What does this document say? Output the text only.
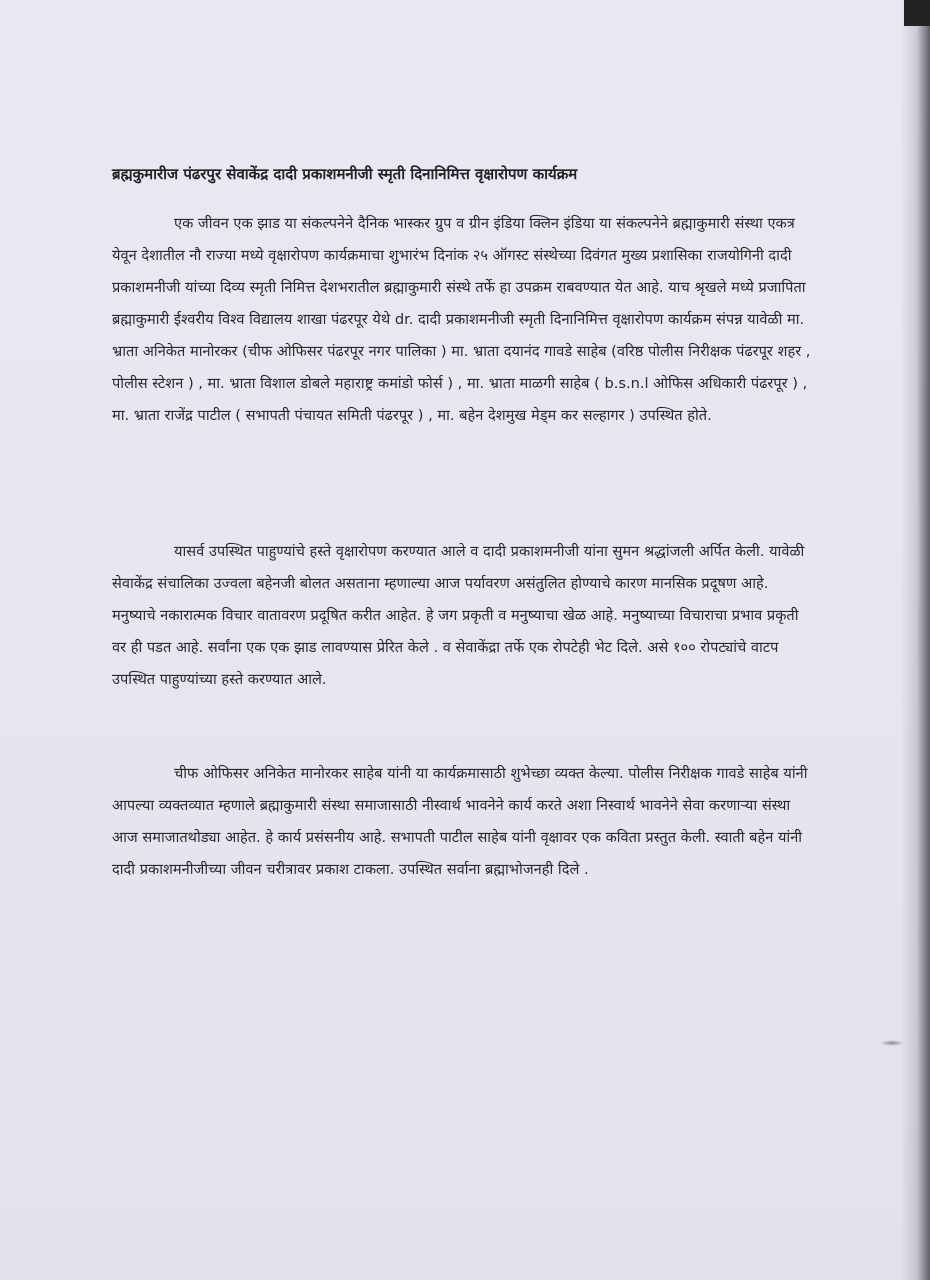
ब्रह्मकुमारीज पंढरपुर सेवाकेंद्र दादी प्रकाशमनीजी स्मृती दिनानिमित्त वृक्षारोपण कार्यक्रम

एक जीवन एक झाड या संकल्पनेने दैनिक भास्कर ग्रुप व ग्रीन इंडिया क्लिन इंडिया या संकल्पनेने ब्रह्माकुमारी संस्था एकत्र येवून देशातील नौ राज्या मध्ये वृक्षारोपण कार्यक्रमाचा शुभारंभ दिनांक २५ ऑगस्ट संस्थेच्या दिवंगत मुख्य प्रशासिका राजयोगिनी दादी प्रकाशमनीजी यांच्या दिव्य स्मृती निमित्त देशभरातील ब्रह्माकुमारी संस्थे तर्फे हा उपक्रम राबवण्यात येत आहे. याच श्रृखले मध्ये प्रजापिता ब्रह्माकुमारी ईश्वरीय विश्व विद्यालय शाखा पंढरपूर येथे dr. दादी प्रकाशमनीजी स्मृती दिनानिमित्त वृक्षारोपण कार्यक्रम संपन्न यावेळी मा. भ्राता अनिकेत मानोरकर (चीफ ओफिसर पंढरपूर नगर पालिका ) मा. भ्राता दयानंद गावडे साहेब (वरिष्ठ पोलीस निरीक्षक पंढरपूर शहर , पोलीस स्टेशन ) , मा. भ्राता विशाल डोबले महाराष्ट्र कमांडो फोर्स ) , मा. भ्राता माळगी साहेब ( b.s.n.l ओफिस अधिकारी पंढरपूर ) , मा. भ्राता राजेंद्र पाटील ( सभापती पंचायत समिती पंढरपूर ) , मा. बहेन देशमुख मेड्म कर सल्हागर ) उपस्थित होते.

यासर्व उपस्थित पाहुण्यांचे हस्ते वृक्षारोपण करण्यात आले व दादी प्रकाशमनीजी यांना सुमन श्रद्धांजली अर्पित केली. यावेळी सेवाकेंद्र संचालिका उज्वला बहेनजी बोलत असताना म्हणाल्या आज पर्यावरण असंतुलित होण्याचे कारण मानसिक प्रदूषण आहे. मनुष्याचे नकारात्मक विचार वातावरण प्रदूषित करीत आहेत. हे जग प्रकृती व मनुष्याचा खेळ आहे. मनुष्याच्या विचाराचा प्रभाव प्रकृती वर ही पडत आहे. सर्वांना एक एक झाड लावण्यास प्रेरित केले . व सेवाकेंद्रा तर्फे एक रोपटेही भेट दिले. असे १०० रोपट्यांचे वाटप उपस्थित पाहुण्यांच्या हस्ते करण्यात आले.

चीफ ओफिसर अनिकेत मानोरकर साहेब यांनी या कार्यक्रमासाठी शुभेच्छा व्यक्त केल्या. पोलीस निरीक्षक गावडे साहेब यांनी आपल्या व्यक्तव्यात म्हणाले ब्रह्माकुमारी संस्था समाजासाठी नीस्वार्थ भावनेने कार्य करते अशा निस्वार्थ भावनेने सेवा करणाऱ्या संस्था आज समाजातथोड्या आहेत. हे कार्य प्रसंसनीय आहे. सभापती पाटील साहेब यांनी वृक्षावर एक कविता प्रस्तुत केली. स्वाती बहेन यांनी दादी प्रकाशमनीजीच्या जीवन चरीत्रावर प्रकाश टाकला. उपस्थित सर्वाना ब्रह्माभोजनही दिले .
